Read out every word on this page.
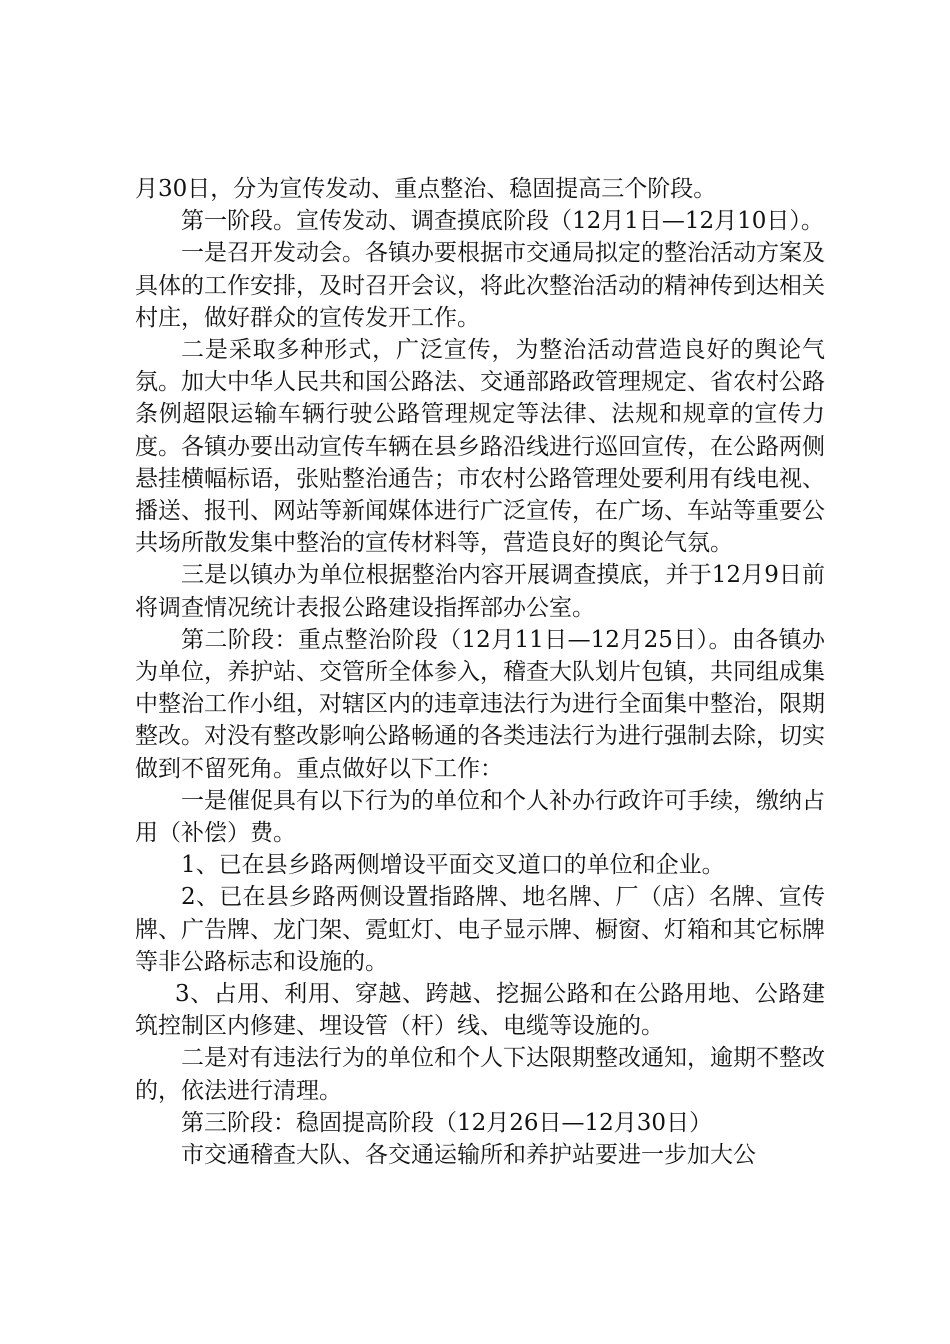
月30日，分为宣传发动、重点整治、稳固提高三个阶段。

第一阶段。宣传发动、调查摸底阶段（12月1日—12月10日）。

一是召开发动会。各镇办要根据市交通局拟定的整治活动方案及具体的工作安排，及时召开会议，将此次整治活动的精神传到达相关村庄，做好群众的宣传发开工作。

二是采取多种形式，广泛宣传，为整治活动营造良好的舆论气氛。加大中华人民共和国公路法、交通部路政管理规定、省农村公路条例超限运输车辆行驶公路管理规定等法律、法规和规章的宣传力度。各镇办要出动宣传车辆在县乡路沿线进行巡回宣传，在公路两侧悬挂横幅标语，张贴整治通告；市农村公路管理处要利用有线电视、播送、报刊、网站等新闻媒体进行广泛宣传，在广场、车站等重要公共场所散发集中整治的宣传材料等，营造良好的舆论气氛。

三是以镇办为单位根据整治内容开展调查摸底，并于12月9日前将调查情况统计表报公路建设指挥部办公室。

第二阶段：重点整治阶段（12月11日—12月25日）。由各镇办为单位，养护站、交管所全体参入，稽查大队划片包镇，共同组成集中整治工作小组，对辖区内的违章违法行为进行全面集中整治，限期整改。对没有整改影响公路畅通的各类违法行为进行强制去除，切实做到不留死角。重点做好以下工作：

一是催促具有以下行为的单位和个人补办行政许可手续，缴纳占用（补偿）费。

1、已在县乡路两侧增设平面交叉道口的单位和企业。

2、已在县乡路两侧设置指路牌、地名牌、厂（店）名牌、宣传牌、广告牌、龙门架、霓虹灯、电子显示牌、橱窗、灯箱和其它标牌等非公路标志和设施的。

3、占用、利用、穿越、跨越、挖掘公路和在公路用地、公路建筑控制区内修建、埋设管（杆）线、电缆等设施的。

二是对有违法行为的单位和个人下达限期整改通知，逾期不整改的，依法进行清理。

第三阶段：稳固提高阶段（12月26日—12月30日）

市交通稽查大队、各交通运输所和养护站要进一步加大公
